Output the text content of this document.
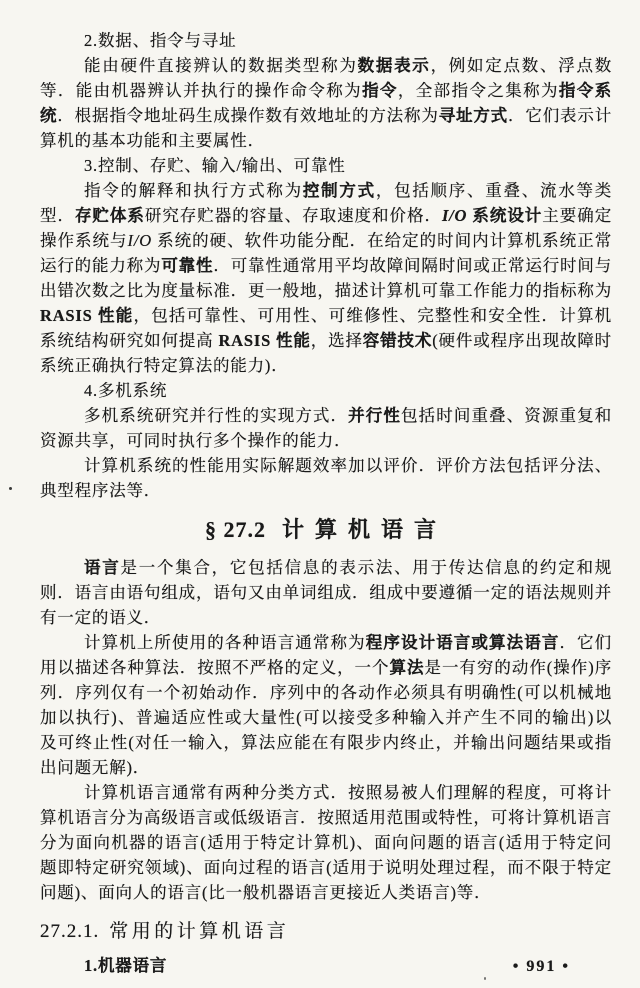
2.数据、指令与寻址

能由硬件直接辨认的数据类型称为数据表示，例如定点数、浮点数等．能由机器辨认并执行的操作命令称为指令，全部指令之集称为指令系统．根据指令地址码生成操作数有效地址的方法称为寻址方式．它们表示计算机的基本功能和主要属性．

3.控制、存贮、输入/输出、可靠性

指令的解释和执行方式称为控制方式，包括顺序、重叠、流水等类型．存贮体系研究存贮器的容量、存取速度和价格．I/O 系统设计主要确定操作系统与I/O 系统的硬、软件功能分配．在给定的时间内计算机系统正常运行的能力称为可靠性．可靠性通常用平均故障间隔时间或正常运行时间与出错次数之比为度量标准．更一般地，描述计算机可靠工作能力的指标称为 RASIS 性能，包括可靠性、可用性、可维修性、完整性和安全性．计算机系统结构研究如何提高 RASIS 性能，选择容错技术(硬件或程序出现故障时系统正确执行特定算法的能力)．

4.多机系统

多机系统研究并行性的实现方式．并行性包括时间重叠、资源重复和资源共享，可同时执行多个操作的能力．

计算机系统的性能用实际解题效率加以评价．评价方法包括评分法、典型程序法等．

§ 27.2 计算机语言

语言是一个集合，它包括信息的表示法、用于传达信息的约定和规则．语言由语句组成，语句又由单词组成．组成中要遵循一定的语法规则并有一定的语义．

计算机上所使用的各种语言通常称为程序设计语言或算法语言．它们用以描述各种算法．按照不严格的定义，一个算法是一有穷的动作(操作)序列．序列仅有一个初始动作．序列中的各动作必须具有明确性(可以机械地加以执行)、普遍适应性或大量性(可以接受多种输入并产生不同的输出)以及可终止性(对任一输入，算法应能在有限步内终止，并输出问题结果或指出问题无解)．

计算机语言通常有两种分类方式．按照易被人们理解的程度，可将计算机语言分为高级语言或低级语言．按照适用范围或特性，可将计算机语言分为面向机器的语言(适用于特定计算机)、面向问题的语言(适用于特定问题即特定研究领域)、面向过程的语言(适用于说明处理过程，而不限于特定问题)、面向人的语言(比一般机器语言更接近人类语言)等．

27.2.1. 常用的计算机语言

1.机器语言	• 991 •
